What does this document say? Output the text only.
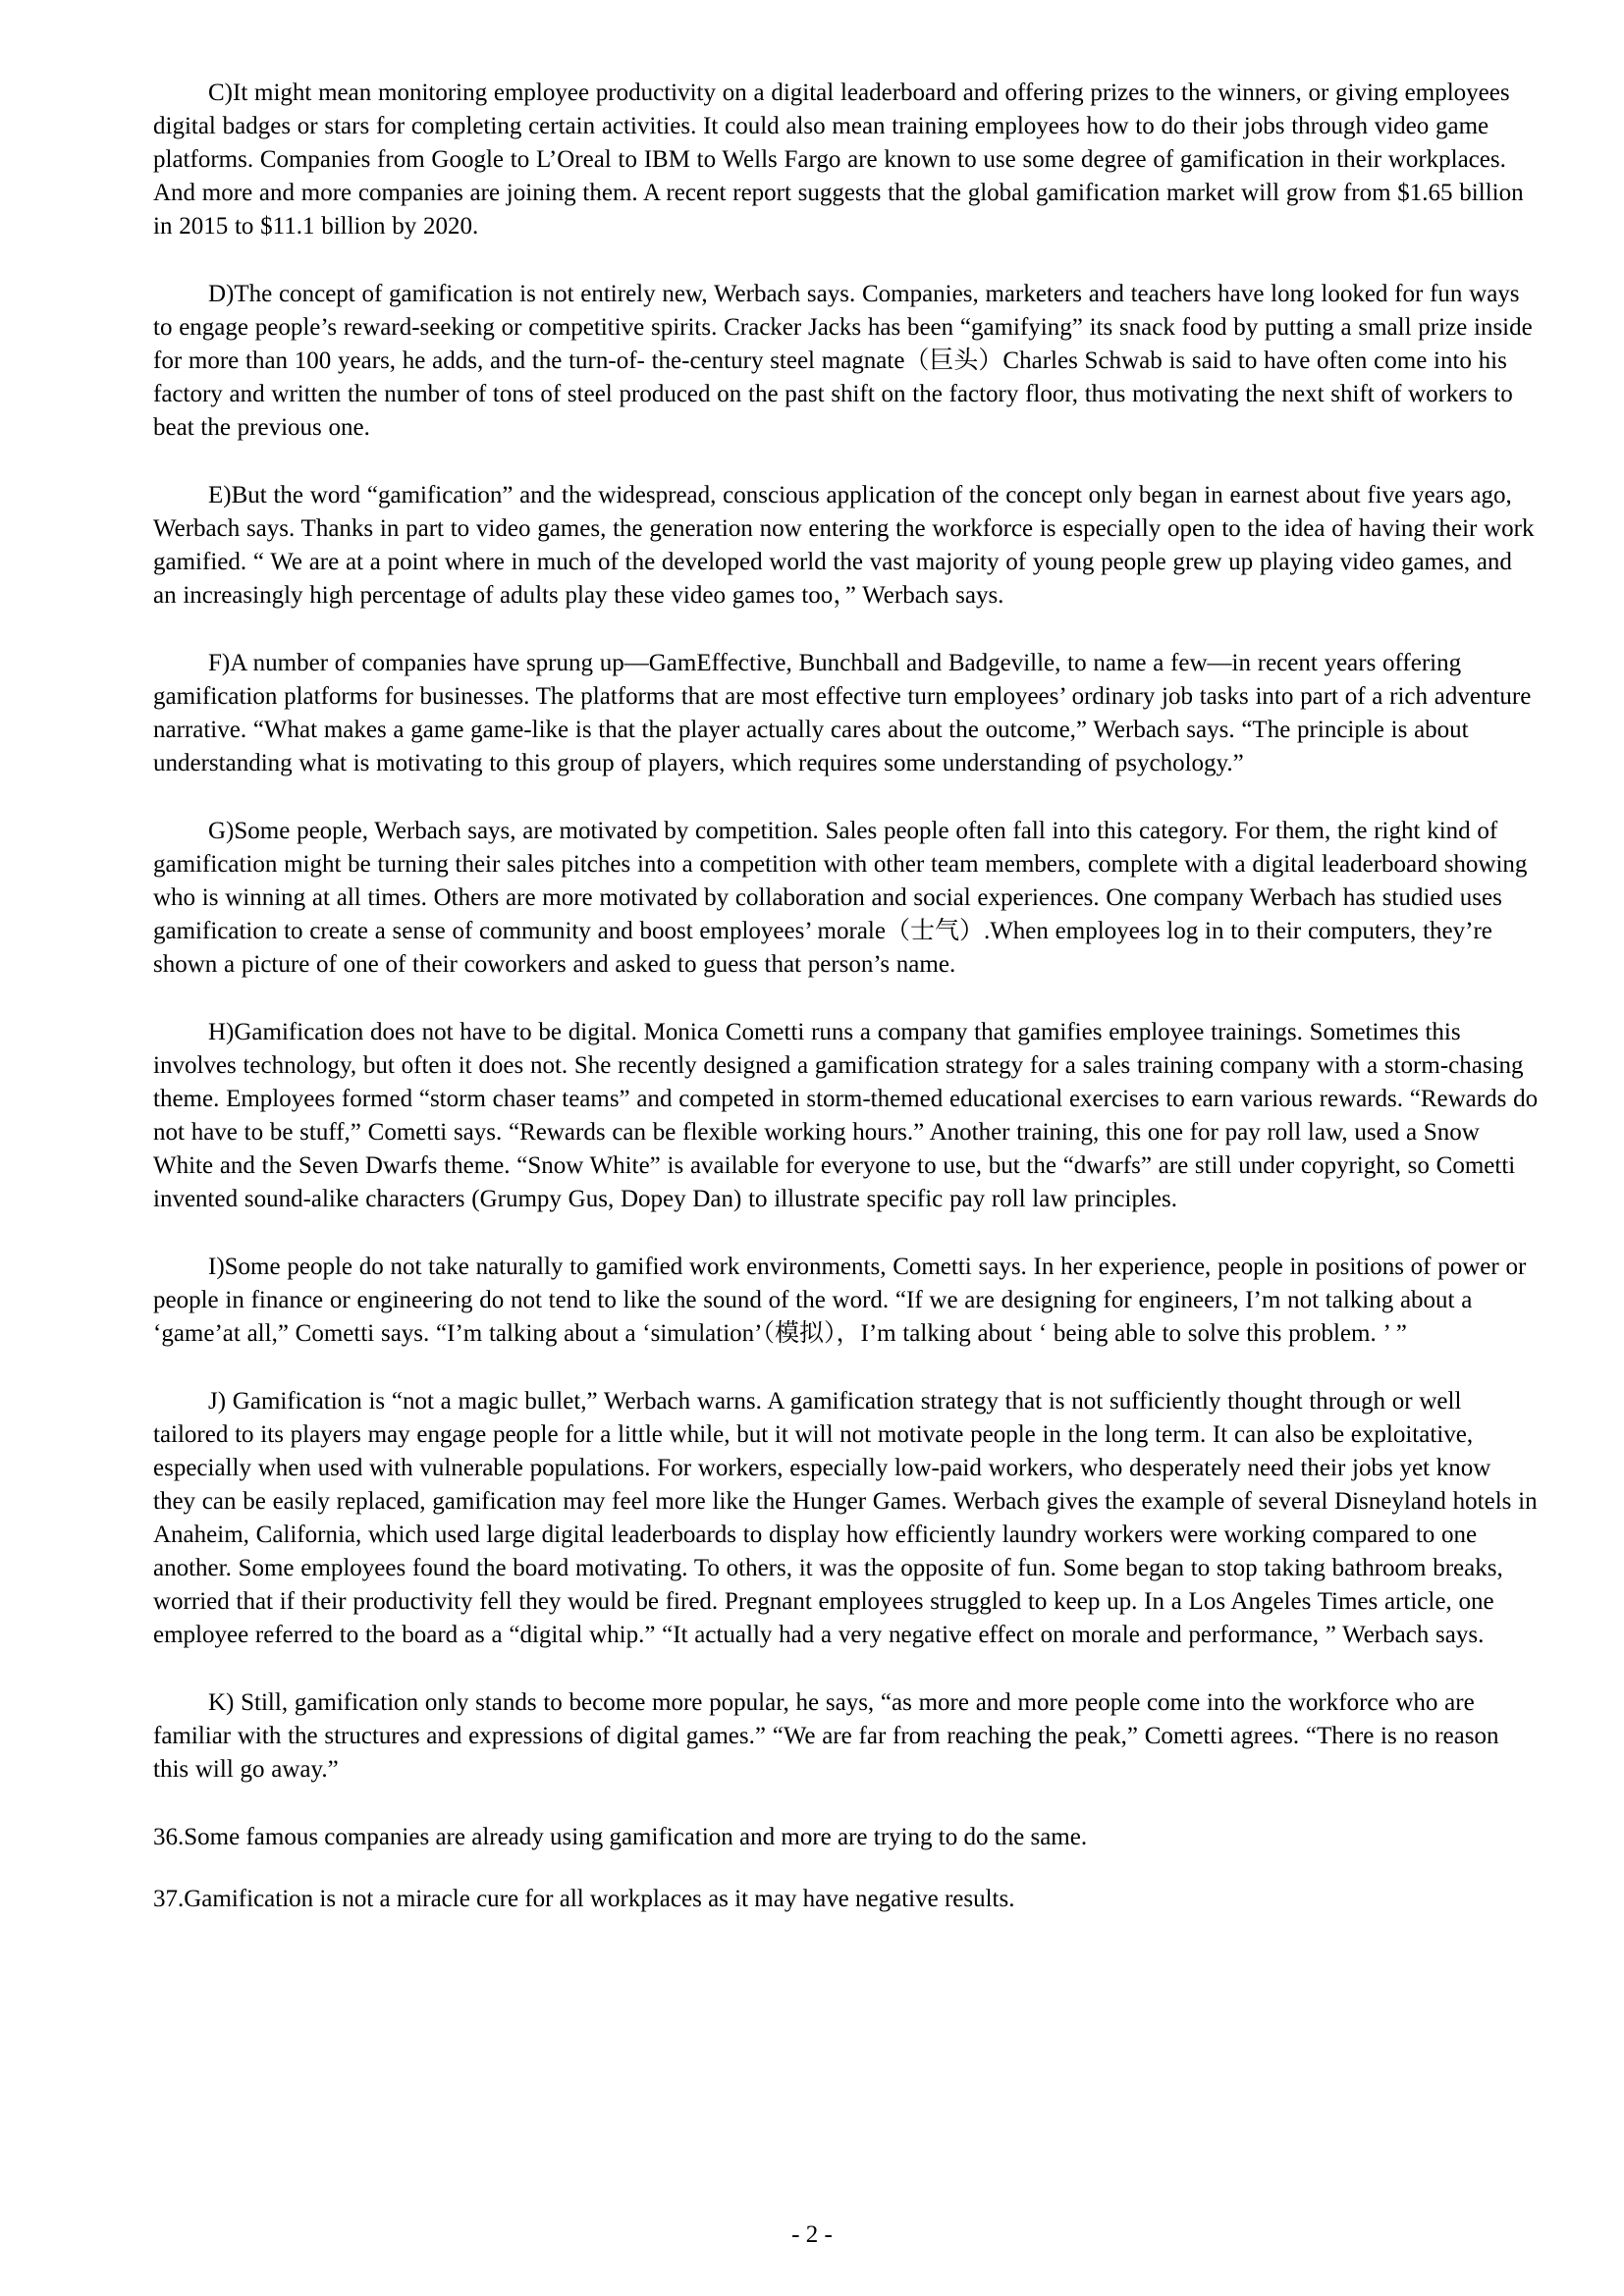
C)It might mean monitoring employee productivity on a digital leaderboard and offering prizes to the winners, or giving employees digital badges or stars for completing certain activities. It could also mean training employees how to do their jobs through video game platforms. Companies from Google to L’Oreal to IBM to Wells Fargo are known to use some degree of gamification in their workplaces. And more and more companies are joining them. A recent report suggests that the global gamification market will grow from $1.65 billion in 2015 to $11.1 billion by 2020.

D)The concept of gamification is not entirely new, Werbach says. Companies, marketers and teachers have long looked for fun ways to engage people’s reward-seeking or competitive spirits. Cracker Jacks has been “gamifying” its snack food by putting a small prize inside for more than 100 years, he adds, and the turn-of- the-century steel magnate（巨头）Charles Schwab is said to have often come into his factory and written the number of tons of steel produced on the past shift on the factory floor, thus motivating the next shift of workers to beat the previous one.

E)But the word “gamification” and the widespread, conscious application of the concept only began in earnest about five years ago, Werbach says. Thanks in part to video games, the generation now entering the workforce is especially open to the idea of having their work gamified. “ We are at a point where in much of the developed world the vast majority of young people grew up playing video games, and an increasingly high percentage of adults play these video games too，” Werbach says.

F)A number of companies have sprung up—GamEffective, Bunchball and Badgeville, to name a few—in recent years offering gamification platforms for businesses. The platforms that are most effective turn employees’ ordinary job tasks into part of a rich adventure narrative. “What makes a game game-like is that the player actually cares about the outcome,” Werbach says. “The principle is about understanding what is motivating to this group of players, which requires some understanding of psychology.”

G)Some people, Werbach says, are motivated by competition. Sales people often fall into this category. For them, the right kind of gamification might be turning their sales pitches into a competition with other team members, complete with a digital leaderboard showing who is winning at all times. Others are more motivated by collaboration and social experiences. One company Werbach has studied uses gamification to create a sense of community and boost employees’ morale（士气）.When employees log in to their computers, they’re shown a picture of one of their coworkers and asked to guess that person’s name.

H)Gamification does not have to be digital. Monica Cometti runs a company that gamifies employee trainings. Sometimes this involves technology, but often it does not. She recently designed a gamification strategy for a sales training company with a storm-chasing theme. Employees formed “storm chaser teams” and competed in storm-themed educational exercises to earn various rewards. “Rewards do not have to be stuff,” Cometti says. “Rewards can be flexible working hours.” Another training, this one for pay roll law, used a Snow White and the Seven Dwarfs theme. “Snow White” is available for everyone to use, but the “dwarfs” are still under copyright, so Cometti invented sound-alike characters (Grumpy Gus, Dopey Dan) to illustrate specific pay roll law principles.

I)Some people do not take naturally to gamified work environments, Cometti says. In her experience, people in positions of power or people in finance or engineering do not tend to like the sound of the word. “If we are designing for engineers, I’m not talking about a ‘game’at all,” Cometti says. “I’m talking about a ‘simulation’（模拟），I’m talking about ‘ being able to solve this problem. ’ ”

J) Gamification is “not a magic bullet,” Werbach warns. A gamification strategy that is not sufficiently thought through or well tailored to its players may engage people for a little while, but it will not motivate people in the long term. It can also be exploitative, especially when used with vulnerable populations. For workers, especially low-paid workers, who desperately need their jobs yet know they can be easily replaced, gamification may feel more like the Hunger Games. Werbach gives the example of several Disneyland hotels in Anaheim, California, which used large digital leaderboards to display how efficiently laundry workers were working compared to one another. Some employees found the board motivating. To others, it was the opposite of fun. Some began to stop taking bathroom breaks, worried that if their productivity fell they would be fired. Pregnant employees struggled to keep up. In a Los Angeles Times article, one employee referred to the board as a “digital whip.” “It actually had a very negative effect on morale and performance, ” Werbach says.

K) Still, gamification only stands to become more popular, he says, “as more and more people come into the workforce who are familiar with the structures and expressions of digital games.” “We are far from reaching the peak,” Cometti agrees. “There is no reason this will go away.”

36.Some famous companies are already using gamification and more are trying to do the same.

37.Gamification is not a miracle cure for all workplaces as it may have negative results.

- 2 -
